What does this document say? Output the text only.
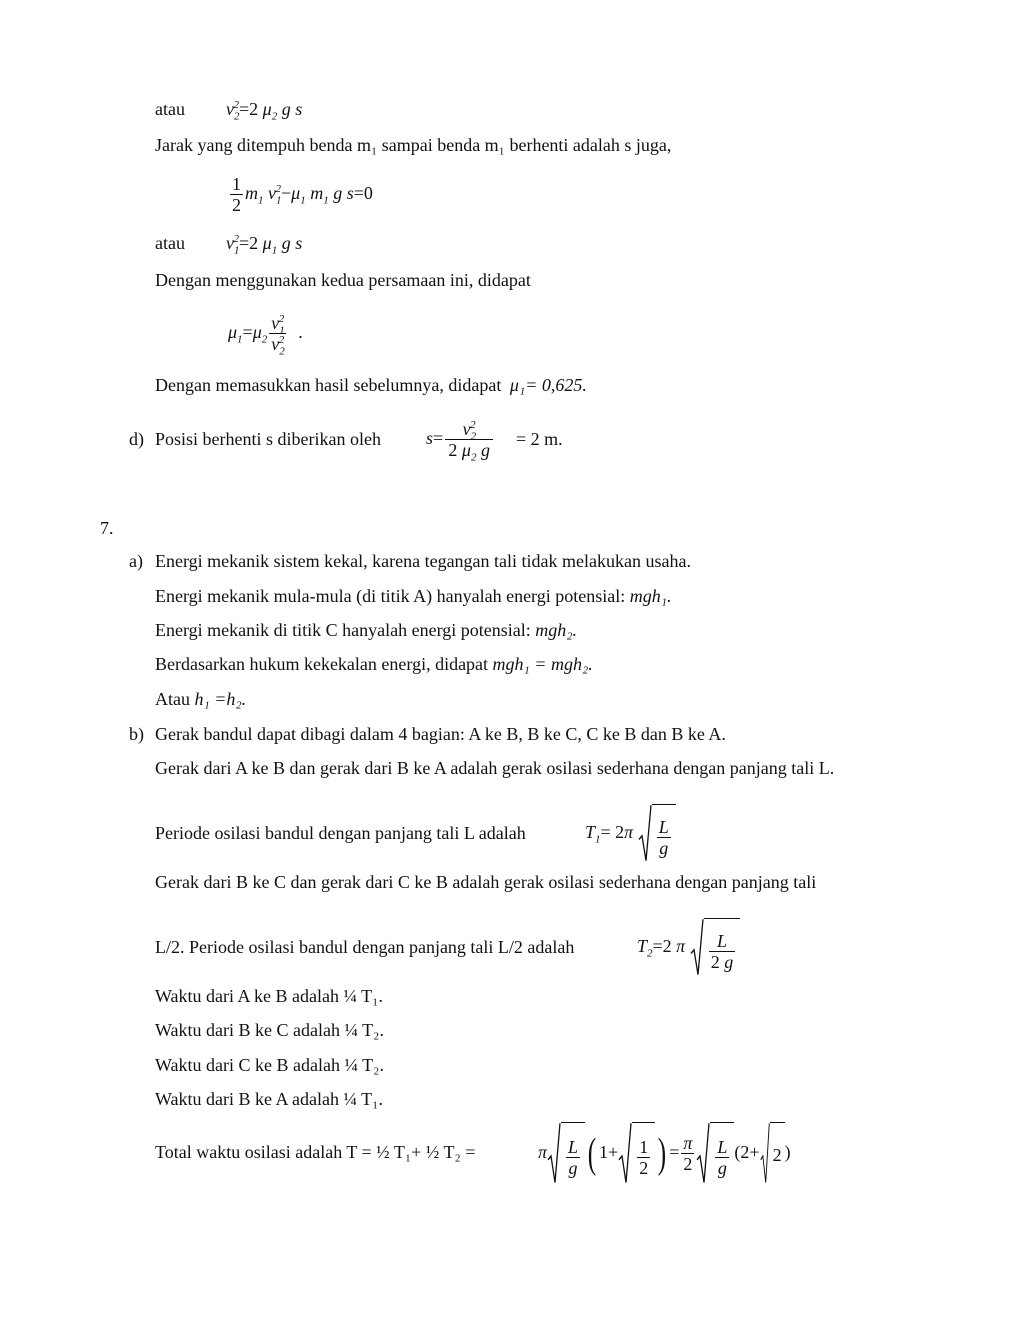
atau $v_2^2=2$ $\mu_2$ g s
Jarak yang ditempuh benda m₁ sampai benda m₁ berhenti adalah s juga,
$\frac{1}{2} m_1$ $v_1^2-\mu_1$ $m_1$ g s=0
atau $v_1^2=2$ $\mu_1$ g s
Dengan menggunakan kedua persamaan ini, didapat
$\mu_1=\mu_2 \frac{v_1^2}{v_2^2}$ .
Dengan memasukkan hasil sebelumnya, didapat μ₁= 0,625.
d) Posisi berhenti s diberikan oleh	$s= \frac{v_2^2}{2 \mu_2 g} = 2$ m.
7.
a) Energi mekanik sistem kekal, karena tegangan tali tidak melakukan usaha.
Energi mekanik mula-mula (di titik A) hanyalah energi potensial: mgh₁.
Energi mekanik di titik C hanyalah energi potensial: mgh₂.
Berdasarkan hukum kekekalan energi, didapat mgh₁ = mgh₂.
Atau h₁ =h₂.
b) Gerak bandul dapat dibagi dalam 4 bagian: A ke B, B ke C, C ke B dan B ke A.
Gerak dari A ke B dan gerak dari B ke A adalah gerak osilasi sederhana dengan panjang tali L.
Periode osilasi bandul dengan panjang tali L adalah	$T_1= 2\pi \frac{L}{g}$
Gerak dari B ke C dan gerak dari C ke B adalah gerak osilasi sederhana dengan panjang tali
L/2. Periode osilasi bandul dengan panjang tali L/2 adalah	$T_2=2$ π $\frac{L}{2 g}$
Waktu dari A ke B adalah ¼ T₁.
Waktu dari B ke C adalah ¼ T₂.
Waktu dari C ke B adalah ¼ T₂.
Waktu dari B ke A adalah ¼ T₁.
Total waktu osilasi adalah T = ½ T₁+ ½ T₂ =	π $\frac{L}{g}$ ( $1+ \frac{1}{2}$ ) = $\frac{\pi}{2} \frac{L}{g} (2+ 2$ )
